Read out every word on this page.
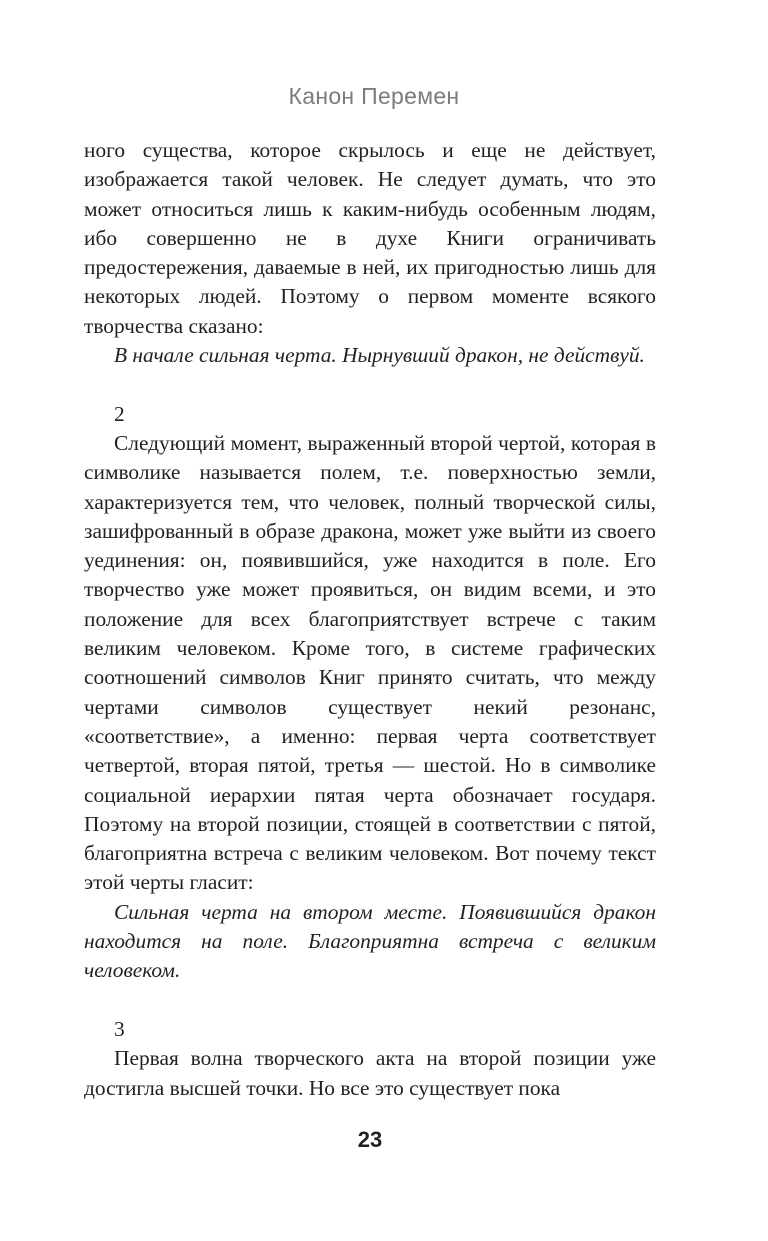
Канон Перемен

ного существа, которое скрылось и еще не действует, изображается такой человек. Не следует думать, что это может относиться лишь к каким-нибудь особенным людям, ибо совершенно не в духе Книги ограничивать предостережения, даваемые в ней, их пригодностью лишь для некоторых людей. Поэтому о первом моменте всякого творчества сказано:

В начале сильная черта. Нырнувший дракон, не действуй.

2

Следующий момент, выраженный второй чертой, которая в символике называется полем, т.е. поверхностью земли, характеризуется тем, что человек, полный творческой силы, зашифрованный в образе дракона, может уже выйти из своего уединения: он, появившийся, уже находится в поле. Его творчество уже может проявиться, он видим всеми, и это положение для всех благоприятствует встрече с таким великим человеком. Кроме того, в системе графических соотношений символов Книг принято считать, что между чертами символов существует некий резонанс, «соответствие», а именно: первая черта соответствует четвертой, вторая пятой, третья — шестой. Но в символике социальной иерархии пятая черта обозначает государя. Поэтому на второй позиции, стоящей в соответствии с пятой, благоприятна встреча с великим человеком. Вот почему текст этой черты гласит:

Сильная черта на втором месте. Появившийся дракон находится на поле. Благоприятна встреча с великим человеком.

3

Первая волна творческого акта на второй позиции уже достигла высшей точки. Но все это существует пока

23
